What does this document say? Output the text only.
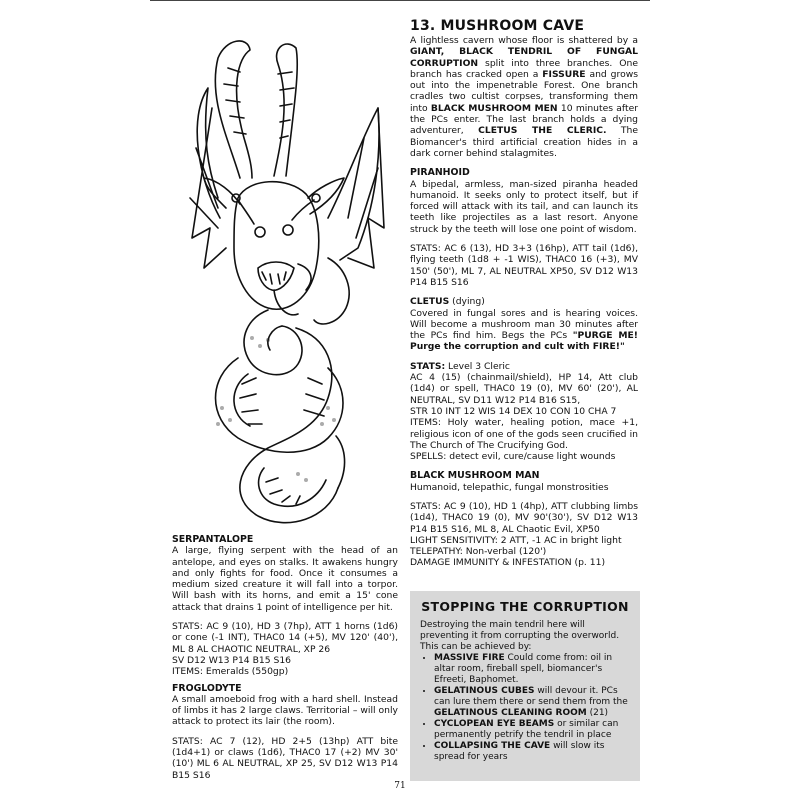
SERPANTALOPE

A large, flying serpent with the head of an antelope, and eyes on stalks. It awakens hungry and only fights for food. Once it consumes a medium sized creature it will fall into a torpor. Will bash with its horns, and emit a 15' cone attack that drains 1 point of intelligence per hit.

STATS: AC 9 (10), HD 3 (7hp), ATT 1 horns (1d6) or cone (-1 INT), THAC0 14 (+5), MV 120' (40'), ML 8 AL CHAOTIC NEUTRAL, XP 26

SV D12 W13 P14 B15 S16

ITEMS: Emeralds (550gp)

FROGLODYTE

A small amoeboid frog with a hard shell. Instead of limbs it has 2 large claws. Territorial – will only attack to protect its lair (the room).

STATS: AC 7 (12), HD 2+5 (13hp) ATT bite (1d4+1) or claws (1d6), THAC0 17 (+2) MV 30' (10') ML 6 AL NEUTRAL, XP 25, SV D12 W13 P14 B15 S16

13. MUSHROOM CAVE

A lightless cavern whose floor is shattered by a GIANT, BLACK TENDRIL OF FUNGAL CORRUPTION split into three branches. One branch has cracked open a FISSURE and grows out into the impenetrable Forest. One branch cradles two cultist corpses, transforming them into BLACK MUSHROOM MEN 10 minutes after the PCs enter. The last branch holds a dying adventurer, CLETUS THE CLERIC. The Biomancer's third artificial creation hides in a dark corner behind stalagmites.

PIRANHOID

A bipedal, armless, man-sized piranha headed humanoid. It seeks only to protect itself, but if forced will attack with its tail, and can launch its teeth like projectiles as a last resort. Anyone struck by the teeth will lose one point of wisdom.

STATS: AC 6 (13), HD 3+3 (16hp), ATT tail (1d6), flying teeth (1d8 + -1 WIS), THAC0 16 (+3), MV 150' (50'), ML 7, AL NEUTRAL XP50, SV D12 W13 P14 B15 S16

CLETUS (dying)

Covered in fungal sores and is hearing voices. Will become a mushroom man 30 minutes after the PCs find him. Begs the PCs "PURGE ME! Purge the corruption and cult with FIRE!"

STATS: Level 3 Cleric

AC 4 (15) (chainmail/shield), HP 14, Att club (1d4) or spell, THAC0 19 (0), MV 60' (20'), AL NEUTRAL, SV D11 W12 P14 B16 S15,

STR 10 INT 12 WIS 14 DEX 10 CON 10 CHA 7

ITEMS: Holy water, healing potion, mace +1, religious icon of one of the gods seen crucified in The Church of The Crucifying God.

SPELLS: detect evil, cure/cause light wounds

BLACK MUSHROOM MAN

Humanoid, telepathic, fungal monstrosities

STATS: AC 9 (10), HD 1 (4hp), ATT clubbing limbs (1d4), THAC0 19 (0), MV 90'(30'), SV D12 W13 P14 B15 S16, ML 8, AL Chaotic Evil, XP50

LIGHT SENSITIVITY: 2 ATT, -1 AC in bright light

TELEPATHY: Non-verbal (120')

DAMAGE IMMUNITY & INFESTATION (p. 11)

STOPPING THE CORRUPTION

Destroying the main tendril here will preventing it from corrupting the overworld. This can be achieved by:

• MASSIVE FIRE Could come from: oil in altar room, fireball spell, biomancer's Efreeti, Baphomet.
• GELATINOUS CUBES will devour it. PCs can lure them there or send them from the GELATINOUS CLEANING ROOM (21)
• CYCLOPEAN EYE BEAMS or similar can permanently petrify the tendril in place
• COLLAPSING THE CAVE will slow its spread for years
71
